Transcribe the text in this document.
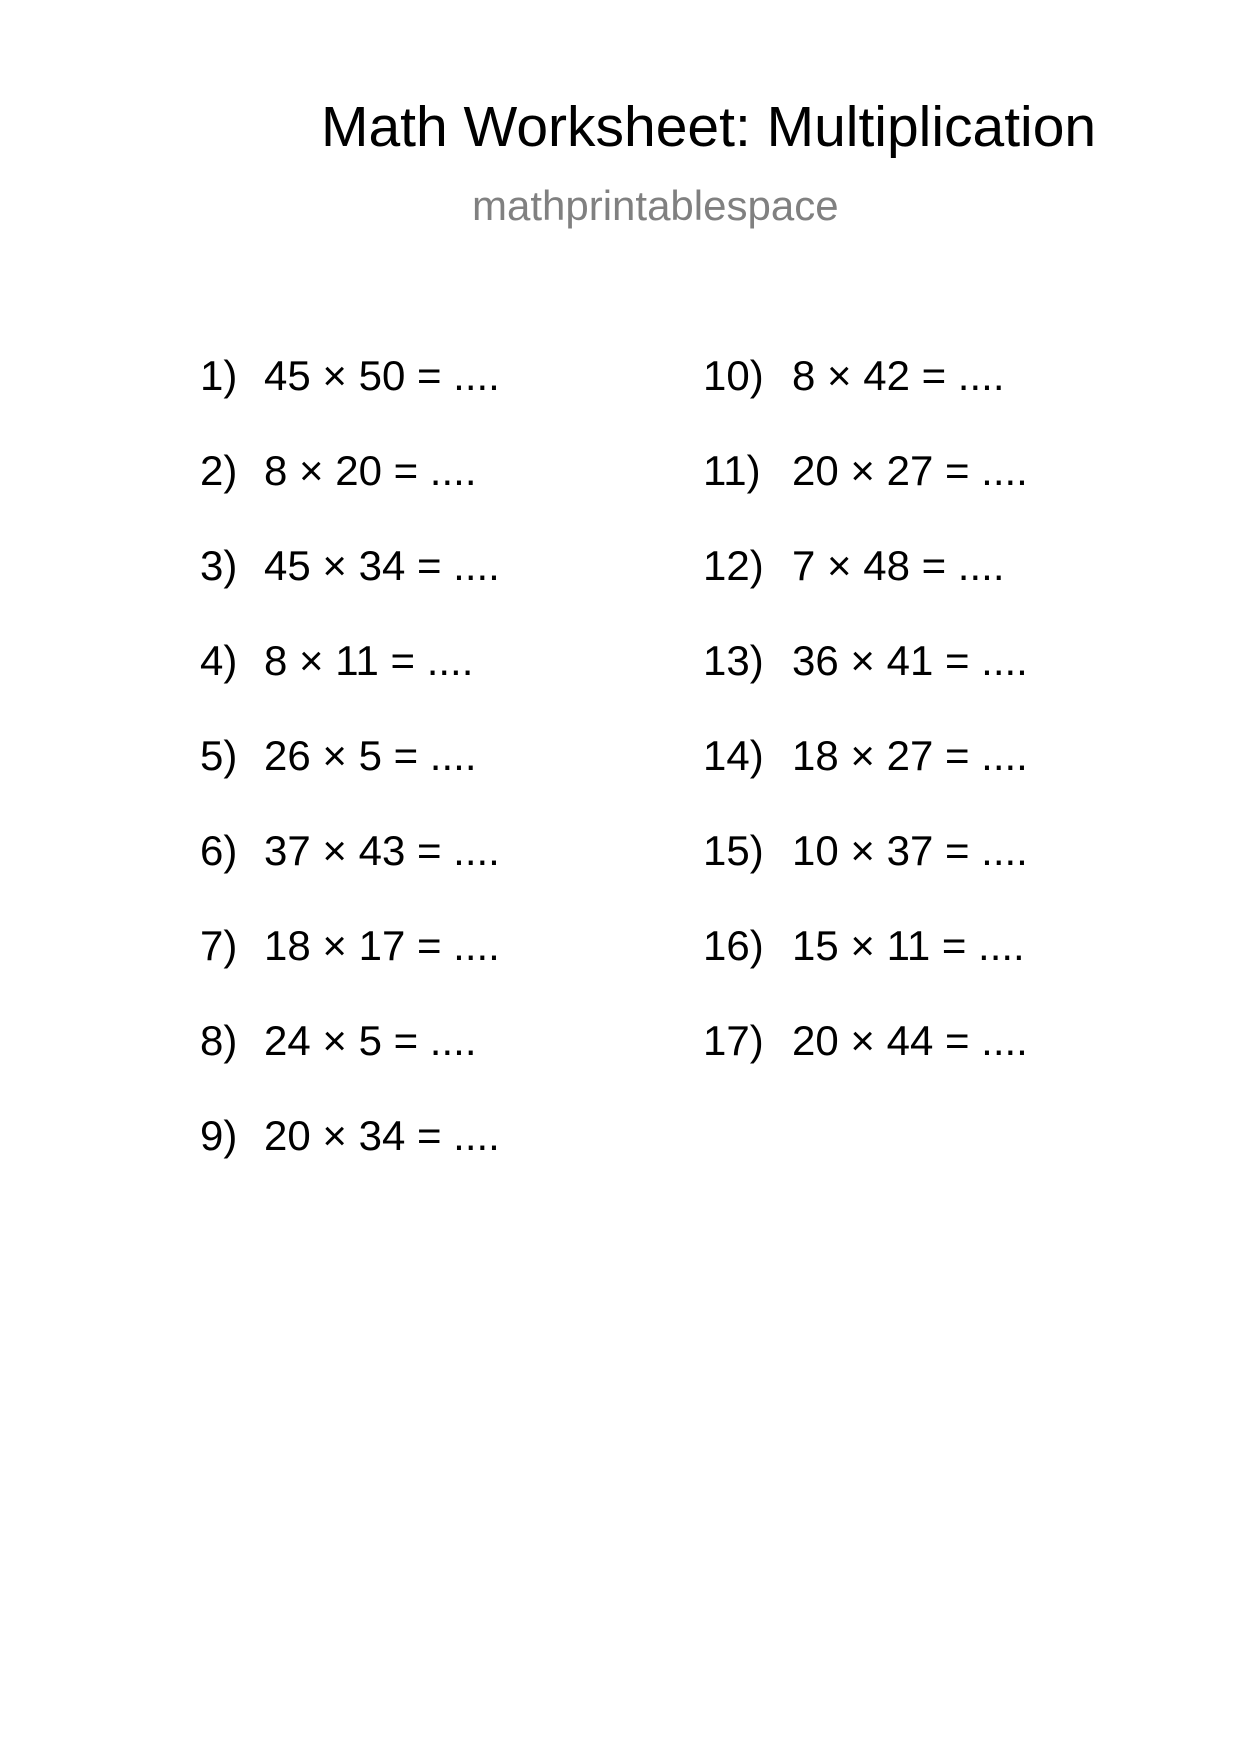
Math Worksheet: Multiplication
mathprintablespace
1) 45 × 50 = ....
2) 8 × 20 = ....
3) 45 × 34 = ....
4) 8 × 11 = ....
5) 26 × 5 = ....
6) 37 × 43 = ....
7) 18 × 17 = ....
8) 24 × 5 = ....
9) 20 × 34 = ....
10) 8 × 42 = ....
11) 20 × 27 = ....
12) 7 × 48 = ....
13) 36 × 41 = ....
14) 18 × 27 = ....
15) 10 × 37 = ....
16) 15 × 11 = ....
17) 20 × 44 = ....
